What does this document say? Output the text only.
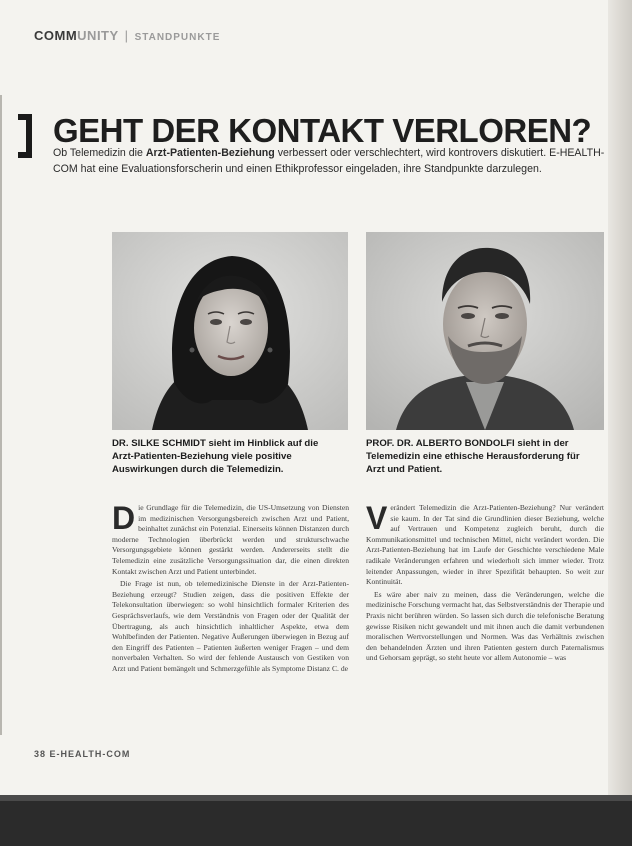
COMMUNITY | STANDPUNKTE
GEHT DER KONTAKT VERLOREN?
Ob Telemedizin die Arzt-Patienten-Beziehung verbessert oder verschlechtert, wird kontrovers diskutiert. E-HEALTH-COM hat eine Evaluationsforscherin und einen Ethikprofessor eingeladen, ihre Standpunkte darzulegen.
DR. SILKE SCHMIDT sieht im Hinblick auf die Arzt-Patienten-Beziehung viele positive Auswirkungen durch die Telemedizin.
PROF. DR. ALBERTO BONDOLFI sieht in der Telemedizin eine ethische Herausforderung für Arzt und Patient.

Die Grundlage für die Telemedizin, die US-Umsetzung von Diensten im medizinischen Versorgungsbereich zwischen Arzt und Patient, beinhaltet zunächst ein Potenzial. Einerseits können Distanzen durch moderne Technologien überbrückt werden und strukturschwache Versorgungsgebiete können gestärkt werden. Andererseits stellt die Telemedizin eine zusätzliche Versorgungssituation dar, die einen direkten Kontakt zwischen Arzt und Patient unterbindet.

Die Frage ist nun, ob telemedizinische Dienste in der Arzt-Patienten-Beziehung erzeugt? Studien zeigen, dass die positiven Effekte der Telekonsultation überwiegen: so wohl hinsichtlich formaler Kriterien des Gesprächsverlaufs, wie dem Verständnis von Fragen oder der Qualität der Übertragung, als auch hinsichtlich inhaltlicher Aspekte, etwa dem Wohlbefinden der Patienten. Negative Äußerungen überwiegen in Bezug auf den Eingriff des Patienten – Patienten äußerten weniger Fragen – und dem nonverbalen Verhalten. So wird der fehlende Austausch von Gestiken von Arzt und Patient bemängelt und Schmerzgefühle als Symptome Distanz C. de

Verändert Telemedizin die Arzt-Patienten-Beziehung? Nur verändert sie kaum. In der Tat sind die Grundlinien dieser Beziehung, welche auf Vertrauen und Kompetenz zugleich beruht, durch die Kommunikationsmittel und technischen Mittel, nicht verändert worden. Die Arzt-Patienten-Beziehung hat im Laufe der Geschichte verschiedene Male radikale Veränderungen erfahren und wiederholt sich immer wieder. Trotz leitender Anpassungen, wieder in ihrer Spezifität behaupten. So weit zur Kontinuität.

Es wäre aber naiv zu meinen, dass die Veränderungen, welche die medizinische Forschung vermacht hat, das Selbstverständnis der Therapie und Praxis nicht berühren würden. So lassen sich durch die telefonische Beratung gewisse Risiken nicht gewandelt und mit ihnen auch die damit verbundenen moralischen Wertvorstellungen und Normen. Was das Verhältnis zwischen den behandelnden Ärzten und ihren Patienten gestern durch Paternalismus und Gehorsam geprägt, so steht heute vor allem Autonomie – was

38 E-HEALTH-COM
